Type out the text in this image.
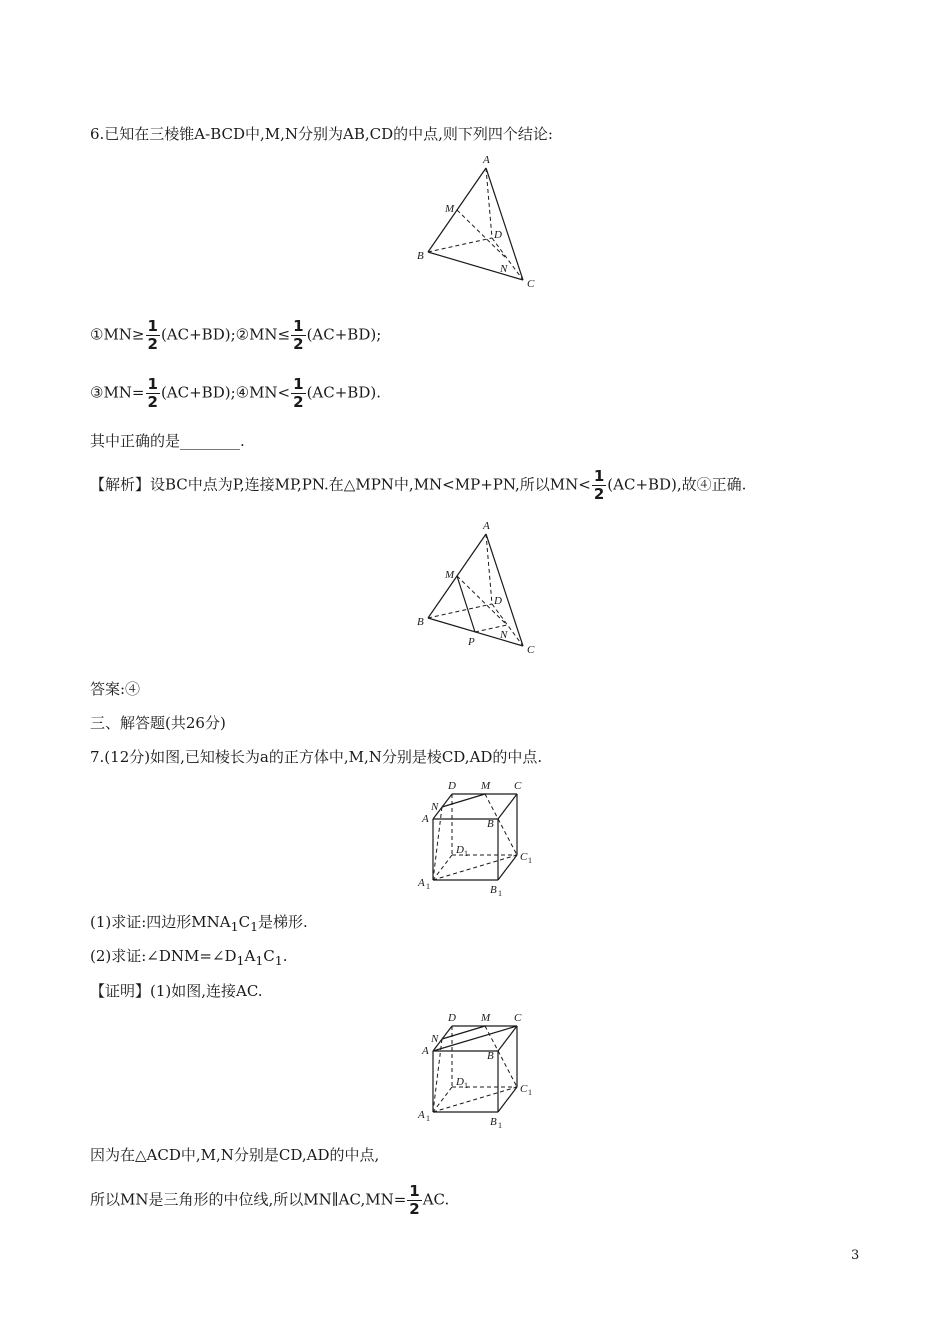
6.已知在三棱锥A-BCD中,M,N分别为AB,CD的中点,则下列四个结论:
A
M
D
B
N
C
①MN≥ $\frac{1}{2}$ (AC+BD);②MN≤ $\frac{1}{2} (AC+BD)$;
③MN= $\frac{1}{2}$ (AC+BD);④MN< $\frac{1}{2} (AC+BD)$.
其中正确的是________.
【解析】设BC中点为P,连接MP,PN.在△MPN中,MN<MP+PN,所以$MN< \frac{1}{2} (AC+BD)$,故④正确.
A
M
D
B
N
P
C
答案:④
三、解答题(共26分)
7.(12分)如图,已知棱长为a的正方体中,M,N分别是棱CD,AD的中点.
D M C
N
A	B
D 1	C 1
A 1	B 1
(1)求证:四边形$MNA_1C_1$是梯形.
(2)求证$:\angle DNM=\angle D_1A_1C_1$.
【证明】(1)如图,连接AC.
D M C
N
A	B
D 1	C 1
A 1	B 1
因为在△ACD中,M,N分别是CD,AD的中点,
所以MN是三角形的中位线,所以MN∥AC,MN= $\frac{1}{2}$ AC.
3
